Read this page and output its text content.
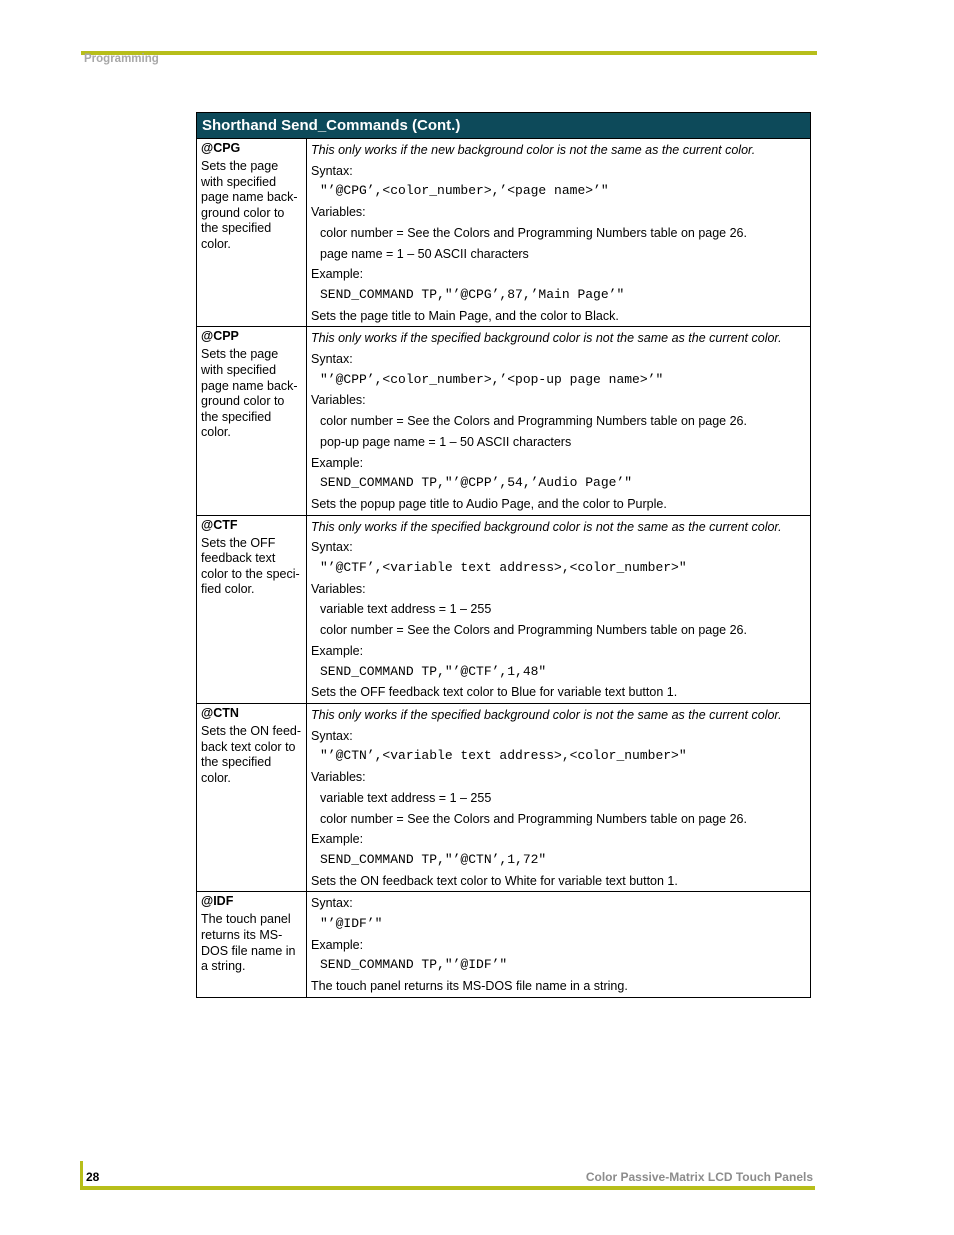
Programming
Shorthand Send_Commands (Cont.)
@CPG
Sets the page with specified page name back-ground color to the specified color.
This only works if the new background color is not the same as the current color.
Syntax:
"’@CPG’,<color_number>,’<page name>’"
Variables:
color number = See the Colors and Programming Numbers table on page 26.
page name = 1 – 50 ASCII characters
Example:
SEND_COMMAND TP,"’@CPG’,87,’Main Page’"
Sets the page title to Main Page, and the color to Black.
@CPP
Sets the page with specified page name back-ground color to the specified color.
This only works if the specified background color is not the same as the current color.
Syntax:
"’@CPP’,<color_number>,’<pop-up page name>’"
Variables:
color number = See the Colors and Programming Numbers table on page 26.
pop-up page name = 1 – 50 ASCII characters
Example:
SEND_COMMAND TP,"’@CPP’,54,’Audio Page’"
Sets the popup page title to Audio Page, and the color to Purple.
@CTF
Sets the OFF feedback text color to the speci-fied color.
This only works if the specified background color is not the same as the current color.
Syntax:
"’@CTF’,<variable text address>,<color_number>"
Variables:
variable text address = 1 – 255
color number = See the Colors and Programming Numbers table on page 26.
Example:
SEND_COMMAND TP,"’@CTF’,1,48"
Sets the OFF feedback text color to Blue for variable text button 1.
@CTN
Sets the ON feed-back text color to the specified color.
This only works if the specified background color is not the same as the current color.
Syntax:
"’@CTN’,<variable text address>,<color_number>"
Variables:
variable text address = 1 – 255
color number = See the Colors and Programming Numbers table on page 26.
Example:
SEND_COMMAND TP,"’@CTN’,1,72"
Sets the ON feedback text color to White for variable text button 1.
@IDF
The touch panel returns its MS-DOS file name in a string.
Syntax:
"’@IDF’"
Example:
SEND_COMMAND TP,"’@IDF’"
The touch panel returns its MS-DOS file name in a string.
28	Color Passive-Matrix LCD Touch Panels
